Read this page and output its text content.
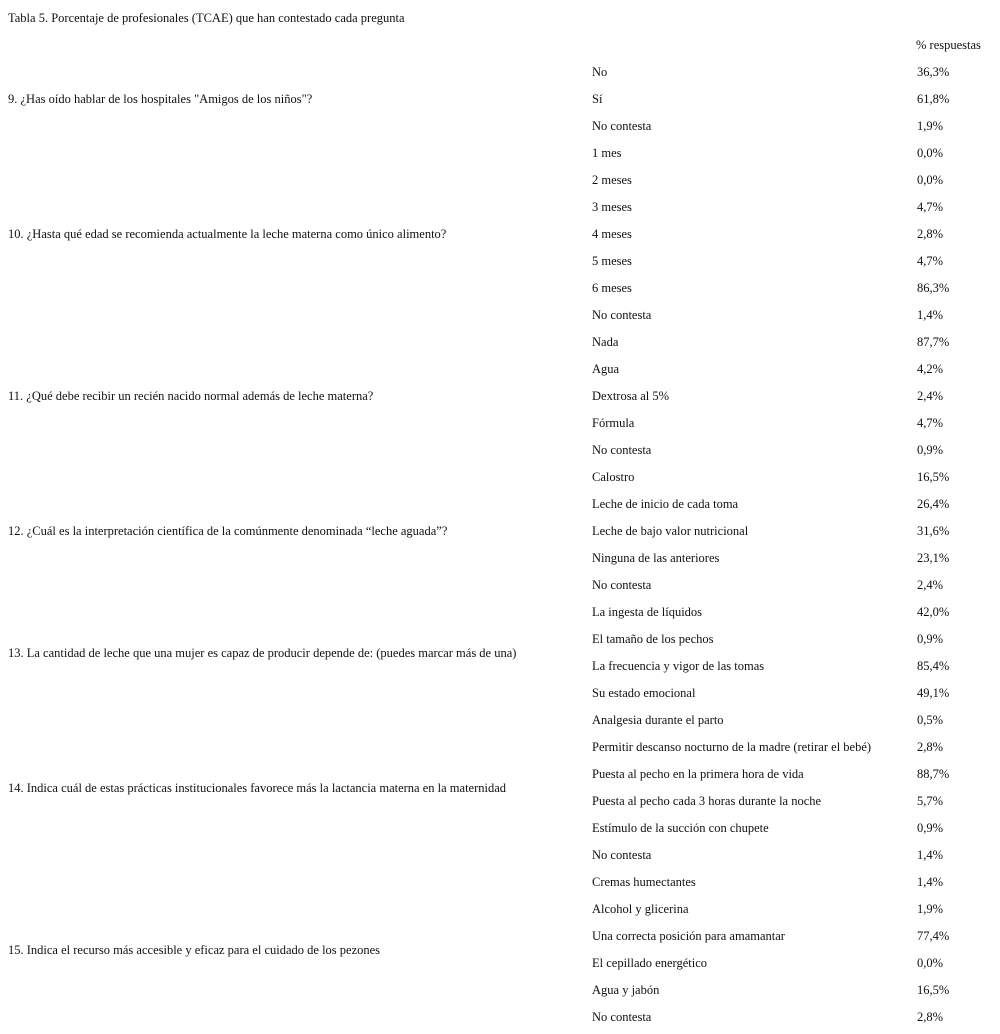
Tabla 5. Porcentaje de profesionales (TCAE) que han contestado cada pregunta
% respuestas
No	36,3%
Sí	61,8%
No contesta	1,9%
9. ¿Has oído hablar de los hospitales "Amigos de los niños"?
1 mes	0,0%
2 meses	0,0%
3 meses	4,7%
4 meses	2,8%
5 meses	4,7%
6 meses	86,3%
No contesta	1,4%
10. ¿Hasta qué edad se recomienda actualmente la leche materna como único alimento?
Nada	87,7%
Agua	4,2%
Dextrosa al 5%	2,4%
Fórmula	4,7%
No contesta	0,9%
11. ¿Qué debe recibir un recién nacido normal además de leche materna?
Calostro	16,5%
Leche de inicio de cada toma	26,4%
Leche de bajo valor nutricional	31,6%
Ninguna de las anteriores	23,1%
No contesta	2,4%
12. ¿Cuál es la interpretación científica de la comúnmente denominada “leche aguada”?
La ingesta de líquidos	42,0%
El tamaño de los pechos	0,9%
La frecuencia y vigor de las tomas	85,4%
Su estado emocional	49,1%
13. La cantidad de leche que una mujer es capaz de producir depende de: (puedes marcar más de una)
Analgesia durante el parto	0,5%
Permitir descanso nocturno de la madre (retirar el bebé)	2,8%
Puesta al pecho en la primera hora de vida	88,7%
Puesta al pecho cada 3 horas durante la noche	5,7%
Estímulo de la succión con chupete	0,9%
No contesta	1,4%
14. Indica cuál de estas prácticas institucionales favorece más la lactancia materna en la maternidad
Cremas humectantes	1,4%
Alcohol y glicerina	1,9%
Una correcta posición para amamantar	77,4%
El cepillado energético	0,0%
Agua y jabón	16,5%
No contesta	2,8%
15. Indica el recurso más accesible y eficaz para el cuidado de los pezones
